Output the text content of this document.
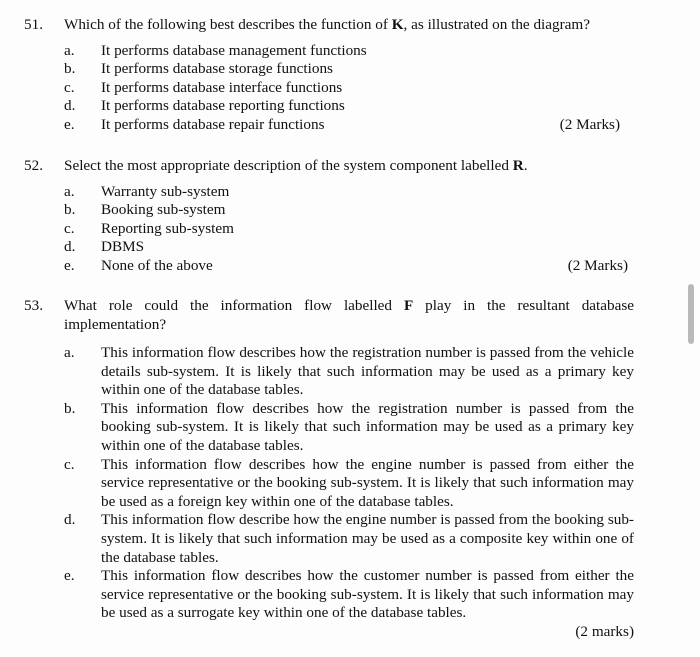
51.	Which of the following best describes the function of K, as illustrated on the diagram?
a.	It performs database management functions
b.	It performs database storage functions
c.	It performs database interface functions
d.	It performs database reporting functions
e.	It performs database repair functions	(2 Marks)
52.	Select the most appropriate description of the system component labelled R.
a.	Warranty sub-system
b.	Booking sub-system
c.	Reporting sub-system
d.	DBMS
e.	None of the above	(2 Marks)
53.	What role could the information flow labelled F play in the resultant database implementation?
a.	This information flow describes how the registration number is passed from the vehicle details sub-system. It is likely that such information may be used as a primary key within one of the database tables.
b.	This information flow describes how the registration number is passed from the booking sub-system. It is likely that such information may be used as a primary key within one of the database tables.
c.	This information flow describes how the engine number is passed from either the service representative or the booking sub-system. It is likely that such information may be used as a foreign key within one of the database tables.
d.	This information flow describe how the engine number is passed from the booking sub-system. It is likely that such information may be used as a composite key within one of the database tables.
e.	This information flow describes how the customer number is passed from either the service representative or the booking sub-system. It is likely that such information may be used as a surrogate key within one of the database tables.
(2 marks)
